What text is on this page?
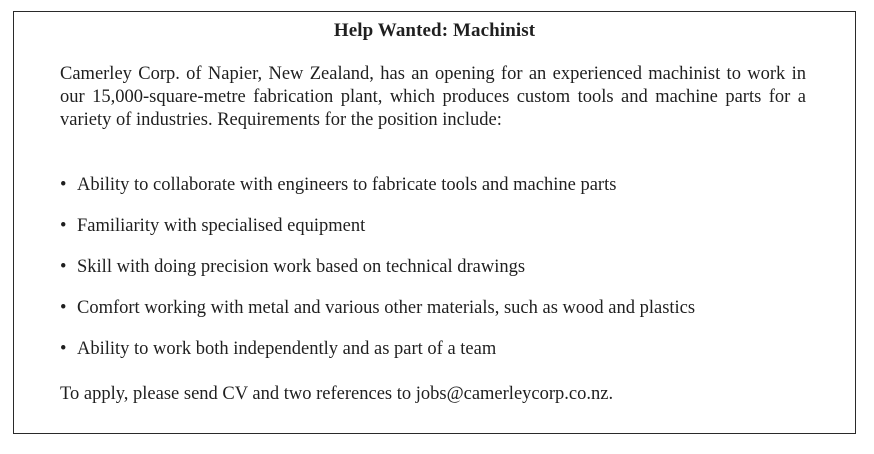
Help Wanted: Machinist

Camerley Corp. of Napier, New Zealand, has an opening for an experienced machinist to work in our 15,000-square-metre fabrication plant, which produces custom tools and machine parts for a variety of industries. Requirements for the position include:

• Ability to collaborate with engineers to fabricate tools and machine parts
• Familiarity with specialised equipment
• Skill with doing precision work based on technical drawings
• Comfort working with metal and various other materials, such as wood and plastics
• Ability to work both independently and as part of a team

To apply, please send CV and two references to jobs@camerleycorp.co.nz.
